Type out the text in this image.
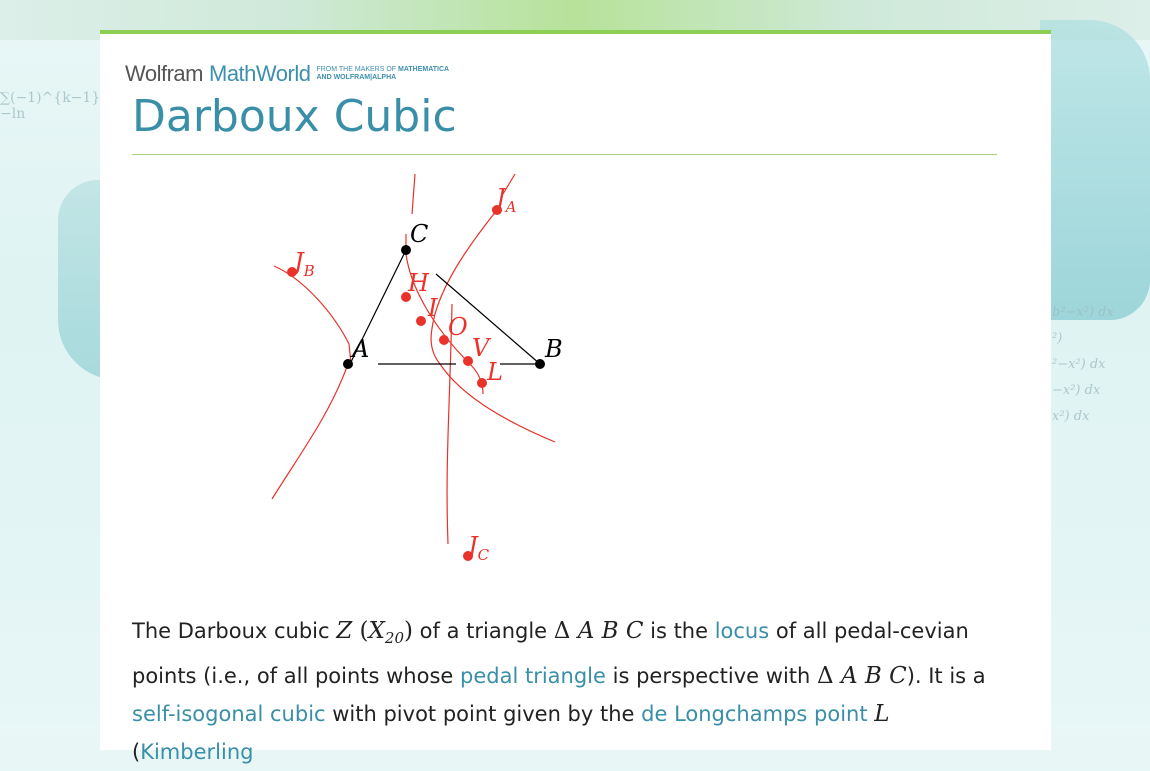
∑(−1)^{k−1} −ln
b²−x²) dx
²)
²−x²) dx
−x²) dx
x²) dx
Wolfram MathWorld FROM THE MAKERS OF MATHEMATICA
AND WOLFRAM|ALPHA
Darboux Cubic
C
A	B
$J_A$
$J_B$
$J_C$
H
I
O
V
L

The Darboux cubic Z $(X_{20})$ of a triangle Δ A B C is the locus of all pedal-cevian points (i.e., of all points whose pedal triangle is perspective with Δ A B C). It is a self-isogonal cubic with pivot point given by the de Longchamps point L (Kimberling
